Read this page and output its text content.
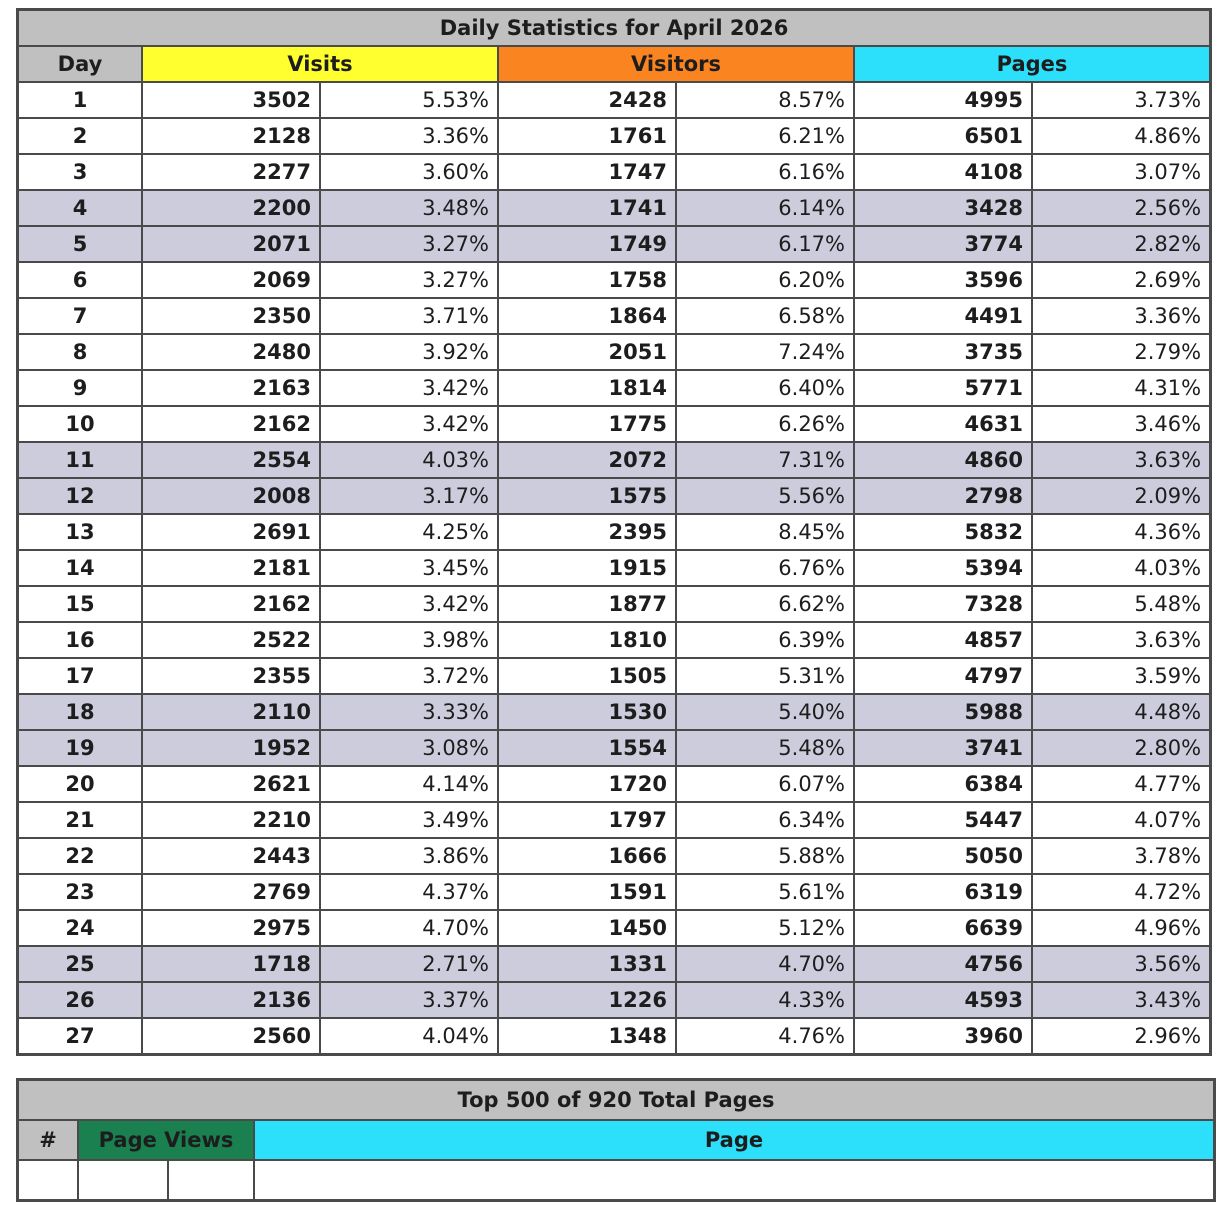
Daily Statistics for April 2026						
Day	Visits		Visitors		Pages	
1	3502	5.53%	2428	8.57%	4995	3.73%
2	2128	3.36%	1761	6.21%	6501	4.86%
3	2277	3.60%	1747	6.16%	4108	3.07%
4	2200	3.48%	1741	6.14%	3428	2.56%
5	2071	3.27%	1749	6.17%	3774	2.82%
6	2069	3.27%	1758	6.20%	3596	2.69%
7	2350	3.71%	1864	6.58%	4491	3.36%
8	2480	3.92%	2051	7.24%	3735	2.79%
9	2163	3.42%	1814	6.40%	5771	4.31%
10	2162	3.42%	1775	6.26%	4631	3.46%
11	2554	4.03%	2072	7.31%	4860	3.63%
12	2008	3.17%	1575	5.56%	2798	2.09%
13	2691	4.25%	2395	8.45%	5832	4.36%
14	2181	3.45%	1915	6.76%	5394	4.03%
15	2162	3.42%	1877	6.62%	7328	5.48%
16	2522	3.98%	1810	6.39%	4857	3.63%
17	2355	3.72%	1505	5.31%	4797	3.59%
18	2110	3.33%	1530	5.40%	5988	4.48%
19	1952	3.08%	1554	5.48%	3741	2.80%
20	2621	4.14%	1720	6.07%	6384	4.77%
21	2210	3.49%	1797	6.34%	5447	4.07%
22	2443	3.86%	1666	5.88%	5050	3.78%
23	2769	4.37%	1591	5.61%	6319	4.72%
24	2975	4.70%	1450	5.12%	6639	4.96%
25	1718	2.71%	1331	4.70%	4756	3.56%
26	2136	3.37%	1226	4.33%	4593	3.43%
27	2560	4.04%	1348	4.76%	3960	2.96%
Top 500 of 920 Total Pages			
#	Page Views		Page
